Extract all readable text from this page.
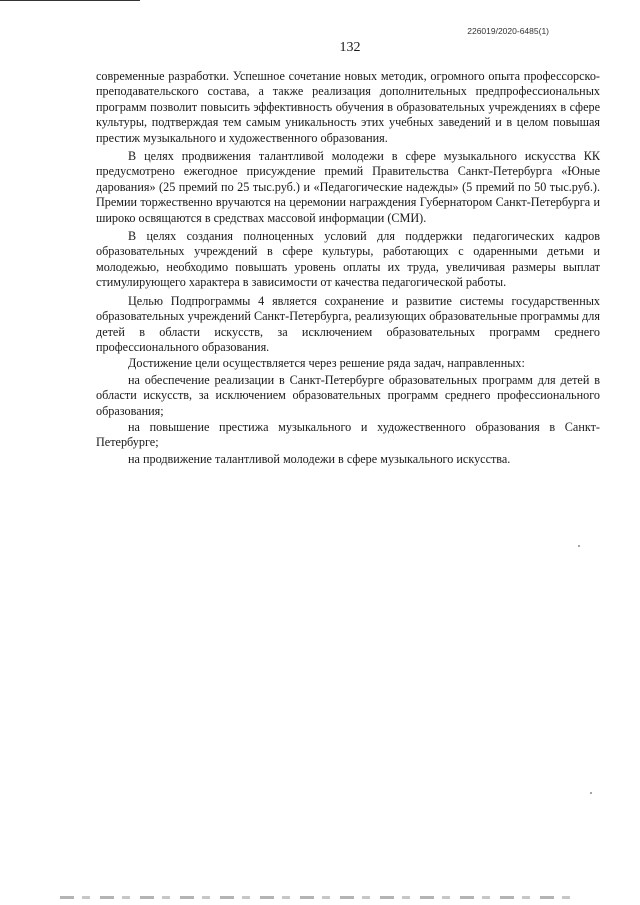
226019/2020-6485(1)
132

современные разработки. Успешное сочетание новых методик, огромного опыта профессорско-преподавательского состава, а также реализация дополнительных предпрофессиональных программ позволит повысить эффективность обучения в образовательных учреждениях в сфере культуры, подтверждая тем самым уникальность этих учебных заведений и в целом повышая престиж музыкального и художественного образования.

В целях продвижения талантливой молодежи в сфере музыкального искусства КК предусмотрено ежегодное присуждение премий Правительства Санкт-Петербурга «Юные дарования» (25 премий по 25 тыс.руб.) и «Педагогические надежды» (5 премий по 50 тыс.руб.). Премии торжественно вручаются на церемонии награждения Губернатором Санкт-Петербурга и широко освящаются в средствах массовой информации (СМИ).

В целях создания полноценных условий для поддержки педагогических кадров образовательных учреждений в сфере культуры, работающих с одаренными детьми и молодежью, необходимо повышать уровень оплаты их труда, увеличивая размеры выплат стимулирующего характера в зависимости от качества педагогической работы.

Целью Подпрограммы 4 является сохранение и развитие системы государственных образовательных учреждений Санкт-Петербурга, реализующих образовательные программы для детей в области искусств, за исключением образовательных программ среднего профессионального образования.

Достижение цели осуществляется через решение ряда задач, направленных:

на обеспечение реализации в Санкт-Петербурге образовательных программ для детей в области искусств, за исключением образовательных программ среднего профессионального образования;

на повышение престижа музыкального и художественного образования в Санкт-Петербурге;

на продвижение талантливой молодежи в сфере музыкального искусства.
